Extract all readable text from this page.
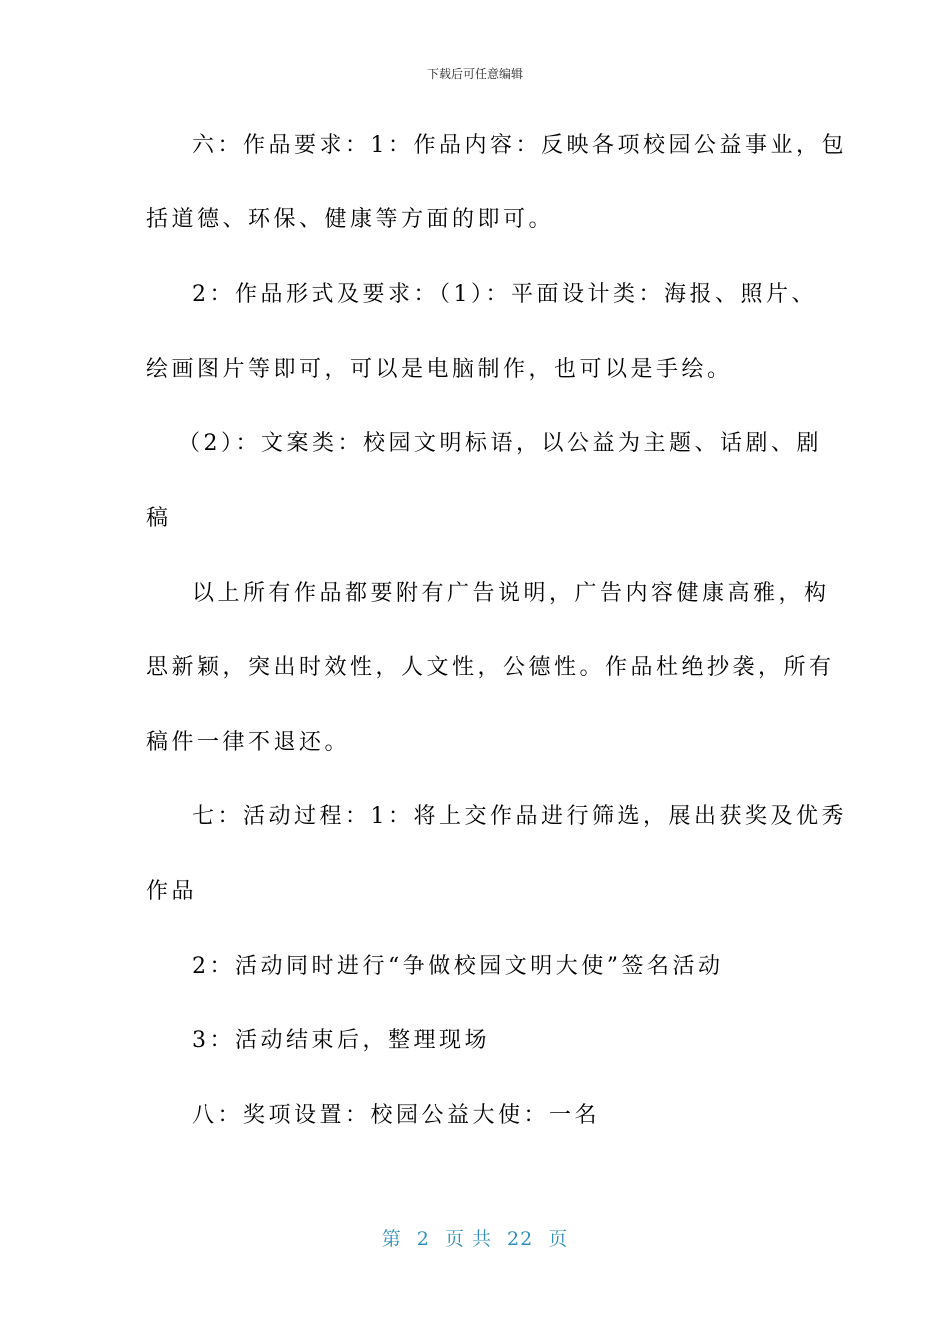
下载后可任意编辑
六：作品要求：1：作品内容：反映各项校园公益事业，包
括道德、环保、健康等方面的即可。
2：作品形式及要求：（1）：平面设计类：海报、照片、
绘画图片等即可，可以是电脑制作，也可以是手绘。
（2）：文案类：校园文明标语，以公益为主题、话剧、剧
稿
以上所有作品都要附有广告说明，广告内容健康高雅，构
思新颖，突出时效性，人文性，公德性。作品杜绝抄袭，所有
稿件一律不退还。
七：活动过程：1：将上交作品进行筛选，展出获奖及优秀
作品
2：活动同时进行“争做校园文明大使”签名活动
3：活动结束后，整理现场
八：奖项设置：校园公益大使：一名
第 2 页 共 22 页
